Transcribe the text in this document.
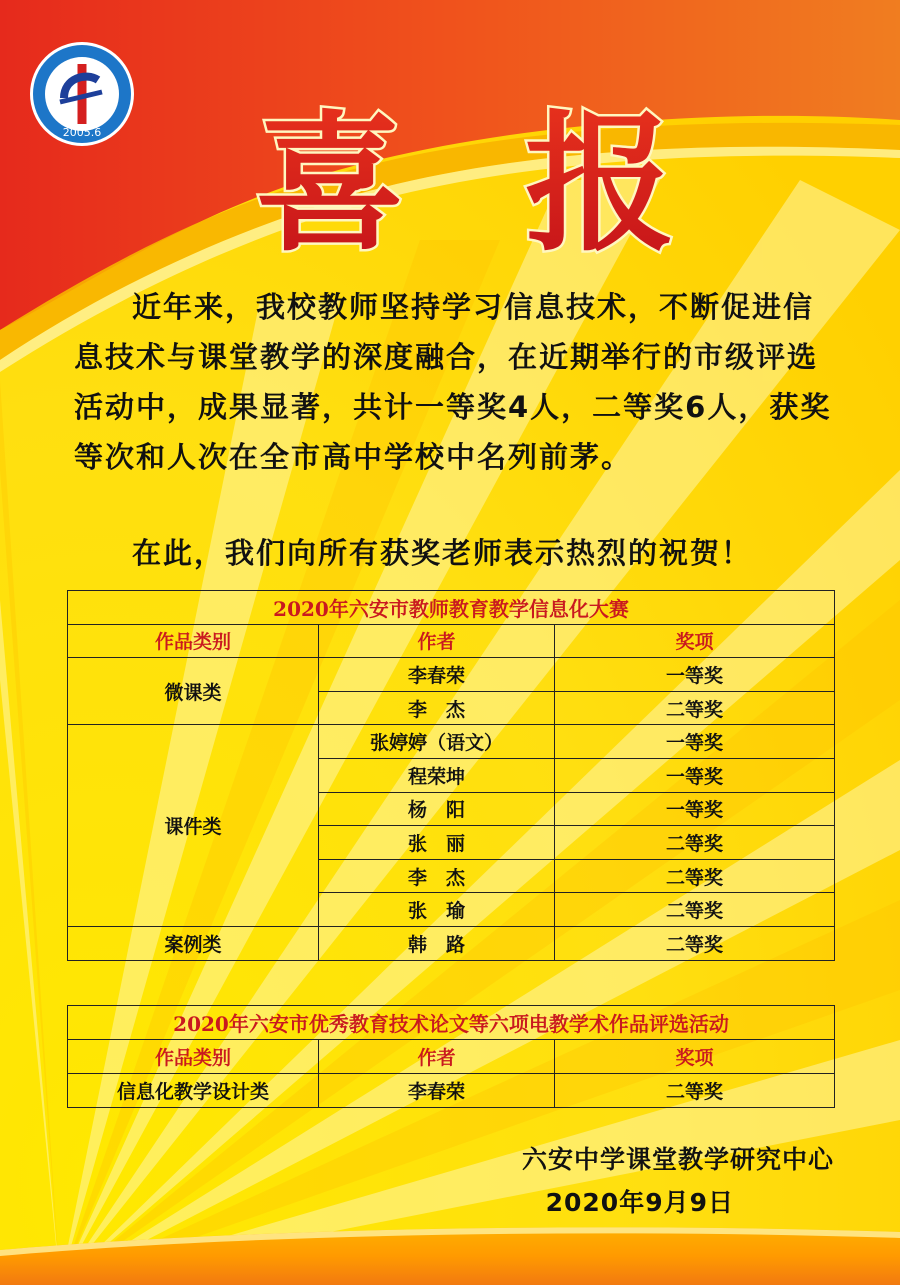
2005.6 喜 报
近年来，我校教师坚持学习信息技术，不断促进信息技术与课堂教学的深度融合，在近期举行的市级评选活动中，成果显著，共计一等奖4人，二等奖6人，获奖等次和人次在全市高中学校中名列前茅。
在此，我们向所有获奖老师表示热烈的祝贺！
2020年六安市教师教育教学信息化大赛		
作品类别	作者	奖项
微课类	李春荣	一等奖
	李　杰	二等奖
课件类	张婷婷（语文）	一等奖
	程荣坤	一等奖
	杨　阳	一等奖
	张　丽	二等奖
	李　杰	二等奖
	张　瑜	二等奖
案例类	韩　路	二等奖
2020年六安市优秀教育技术论文等六项电教学术作品评选活动		
作品类别	作者	奖项
信息化教学设计类	李春荣	二等奖
六安中学课堂教学研究中心
2020年9月9日
